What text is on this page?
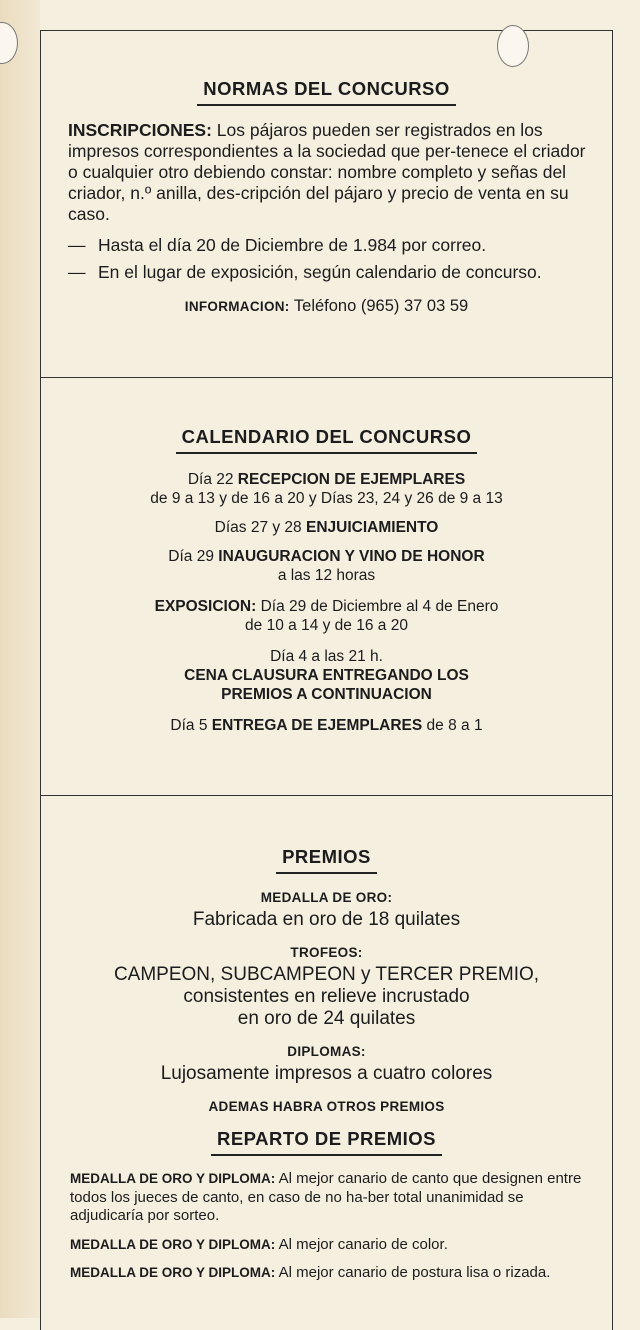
NORMAS DEL CONCURSO
INSCRIPCIONES: Los pájaros pueden ser registrados en los impresos correspondientes a la sociedad que per-tenece el criador o cualquier otro debiendo constar: nombre completo y señas del criador, n.º anilla, des-cripción del pájaro y precio de venta en su caso.
— Hasta el día 20 de Diciembre de 1.984 por correo.
— En el lugar de exposición, según calendario de concurso.
INFORMACION: Teléfono (965) 37 03 59
CALENDARIO DEL CONCURSO
Día 22 RECEPCION DE EJEMPLARES
de 9 a 13 y de 16 a 20 y Días 23, 24 y 26 de 9 a 13
Días 27 y 28 ENJUICIAMIENTO
Día 29 INAUGURACION Y VINO DE HONOR
a las 12 horas
EXPOSICION: Día 29 de Diciembre al 4 de Enero
de 10 a 14 y de 16 a 20
Día 4 a las 21 h.
CENA CLAUSURA ENTREGANDO LOS
PREMIOS A CONTINUACION
Día 5 ENTREGA DE EJEMPLARES de 8 a 1
PREMIOS
MEDALLA DE ORO:
Fabricada en oro de 18 quilates
TROFEOS:
CAMPEON, SUBCAMPEON y TERCER PREMIO,
consistentes en relieve incrustado
en oro de 24 quilates
DIPLOMAS:
Lujosamente impresos a cuatro colores
ADEMAS HABRA OTROS PREMIOS
REPARTO DE PREMIOS
MEDALLA DE ORO Y DIPLOMA: Al mejor canario de canto que designen entre todos los jueces de canto, en caso de no ha-ber total unanimidad se adjudicaría por sorteo.
MEDALLA DE ORO Y DIPLOMA: Al mejor canario de color.
MEDALLA DE ORO Y DIPLOMA: Al mejor canario de postura lisa o rizada.
